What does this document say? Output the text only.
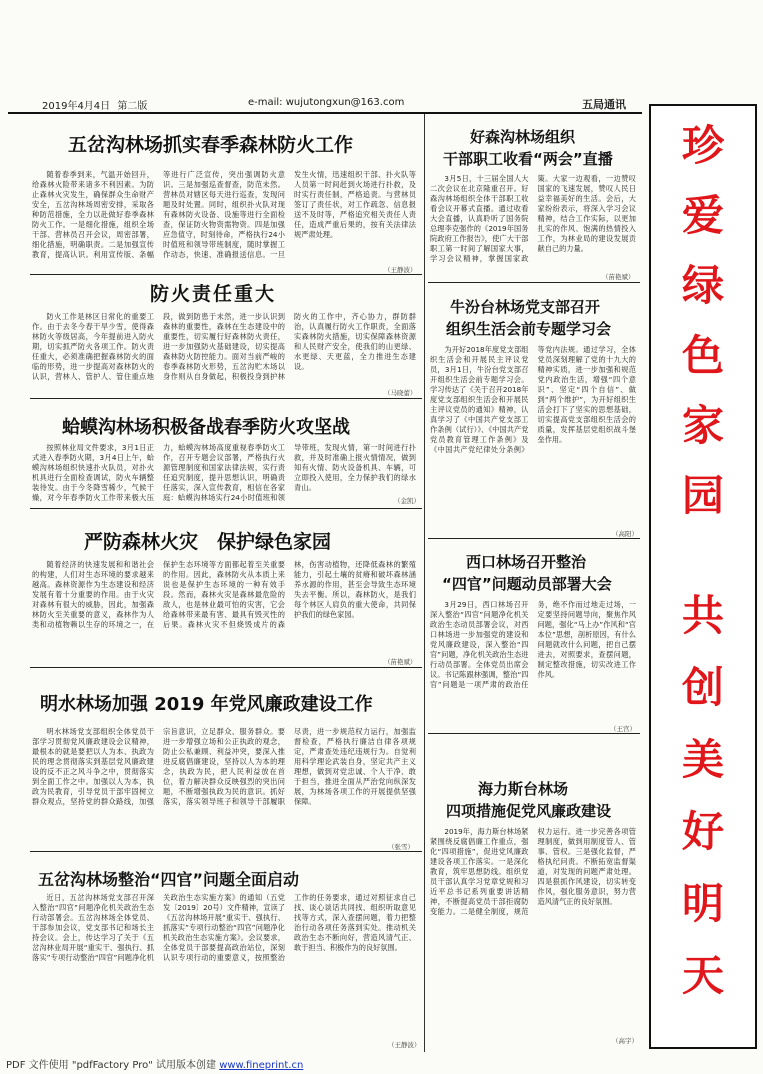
2019年4月4日 第二版	e-mail: wujutongxun@163.com	五局通讯
五岔沟林场抓实春季森林防火工作

随着春季到来，气温开始回升，给森林火险带来诸多不利因素。为防止森林火灾发生，确保群众生命财产安全，五岔沟林场周密安排，采取各种防范措施，全力以赴做好春季森林防火工作。一是细化措施，组织全场干部、营林员召开会议，周密部署，细化措施，明确职责。二是加强宣传教育，提高认识。利用宣传版、条幅等进行广泛宣传，突出强调防火意识。三是加强巡查督查，防范未然。营林员对辖区每天进行巡查，发现问题及时处置。同时，组织扑火队对现有森林防火设备、设施等进行全面检查，保证防火物资需物资。四是加强应急值守，时刻待命，严格执行24小时值班和领导带班制度，随时掌握工作动态，快速、准确报送信息。一旦发生火情，迅速组织干部、扑火队等人员第一时间赶到火场进行扑救，及时实行责任制，严格追责。与营林员签订了责任状，对工作疏忽、信息报送不及时等，严格追究相关责任人责任，造成严重后果的，按有关法律法规严肃处理。

（王静波）
防火责任重大

防火工作是林区日常化的重要工作。由于去冬今春干旱少雪，使得森林防火等级居高，今年提前进入防火期，切实抓严防火各项工作。防火责任重大，必须准确把握森林防火的面临的形势，进一步提高对森林防火的认识，营林人、管护人、管住重点地段，做到防患于未然，进一步认识到森林的重要性，森林在生态建设中的重要性，切实履行好森林防火责任，进一步加强防火基础建设，切实提高森林防火防控能力。面对当前严峻的春季森林防火形势，五岔沟贮木场以身作则从自身做起，积极投身到护林防火的工作中，齐心协力，群防群治，认真履行防火工作职责，全面落实森林防火措施，切实保障森林资源和人民财产安全，使我们的山更绿、水更绿、天更蓝，全力推进生态建设。

（马晓蕾）
蛤蟆沟林场积极备战春季防火攻坚战

按照林业局文件要求，3月1日正式进入春季防火期，3月4日上午，蛤蟆沟林场组织快速扑火队员，对扑火机具进行全面检查调试，防火车辆整装待发。由于今冬降雪稀少，气候干燥，对今年春季防火工作带来极大压力，蛤蟆沟林场高度重视春季防火工作，召开专题会议部署，严格执行火源管理制度和国家法律法规，实行责任追究制度，提升思想认识，明确责任落实，深入宣传教育，相信在各家庭：蛤蟆沟林场实行24小时值班和领导带班，发现火情，第一时间进行扑救，并及时准确上报火情情况，做到知有火情、防火设备机具、车辆，可立即投入使用，全力保护我们的绿水青山。

（金凯）
严防森林火灾　保护绿色家园

随着经济的快速发展和和谐社会的构建，人们对生态环境的要求越来越高。森林资源作为生态建设和经济发展有着十分重要的作用。由于火灾对森林有很大的威胁，因此，加强森林防火至关重要的意义，森林作为人类和动植物赖以生存的环境之一，在保护生态环境等方面都起着至关重要的作用。因此，森林防火从本质上来说也是保护生态环境的一种有效手段。然而，森林火灾是森林最危险的敌人，也是林业最可怕的灾害，它会给森林带来最有害、最具有毁灭性的后果。森林火灾不但烧毁成片的森林，伤害动植物，还降低森林的繁殖能力，引起土壤的贫瘠和破坏森林涵养水源的作用，甚至会导致生态环境失去平衡。所以，森林防火，是我们每个林区人肩负的重大使命，共同保护我们的绿色家园。

（苗艳斌）
明水林场加强 2019 年党风廉政建设工作

明水林场党支部组织全体党员干部学习贯彻党风廉政建设会议精神，最根本的就是要把以人为本、执政为民的理念贯彻落实到基层党风廉政建设的反不正之风斗争之中，贯彻落实到全面工作之中。加强以人为本，执政为民教育，引导党员干部牢固树立群众观点，坚持党的群众路线，加强宗旨意识，立足群众、服务群众。要进一步增强立场和公正执政的观念，防止公私兼顾、利益冲突，要深入推进反腐倡廉建设，坚持以人为本的理念，执政为民，把人民利益放在首位，着力解决群众反映强烈的突出问题，不断增强执政为民的意识。抓好落实，落实领导班子和领导干部履职尽责，进一步规范权力运行，加强监督检查，严格执行廉洁自律各项规定，严肃查处违纪违规行为。自觉利用科学理论武装自身，坚定共产主义理想，做到对党忠诚、个人干净、敢于担当，推进全面从严治党向纵深发展，为林场各项工作的开展提供坚强保障。

（张雪）
五岔沟林场整治“四官”问题全面启动

近日，五岔沟林场党支部召开深入整治“四官”问题净化机关政治生态行动部署会。五岔沟林场全体党员、干部参加会议，党支部书记和场长主持会议。会上，传达学习了关于《五岔沟林业局开展“重实干、强执行、抓落实”专项行动整治“四官”问题净化机关政治生态实施方案》的通知（五党发〔2019〕20号）文件精神，宣读了《五岔沟林场开展“重实干、强执行、抓落实”专项行动整治“四官”问题净化机关政治生态实施方案》。会议要求，全体党员干部要提高政治站位，深刻认识专项行动的重要意义，按照整治工作的任务要求，通过对照征求自己找、谈心谈话共同找、组织听取意见找等方式，深入查摆问题，着力把整治行动各项任务落到实处。推动机关政治生态不断向好，营造风清气正、敢于担当、积极作为的良好氛围。

（王静波）
好森沟林场组织
干部职工收看“两会”直播

3月5日，十三届全国人大二次会议在北京隆重召开。好森沟林场组织全体干部职工收看会议开幕式直播。通过收看大会直播，认真聆听了国务院总理李克强作的《2019年国务院政府工作报告》，使广大干部职工第一时间了解国家大事，学习会议精神，掌握国家政策。大家一边观看，一边赞叹国家的飞速发展，赞叹人民日益幸福美好的生活。会后，大家纷纷表示，将深入学习会议精神，结合工作实际，以更加扎实的作风、饱满的热情投入工作，为林业局的建设发展贡献自己的力量。

（苗艳斌）
牛汾台林场党支部召开
组织生活会前专题学习会

为开好2018年度党支部组织生活会和开展民主评议党员，3月1日，牛汾台党支部召开组织生活会前专题学习会。学习传达了《关于召开2018年度党支部组织生活会和开展民主评议党员的通知》精神，认真学习了《中国共产党支部工作条例（试行）》、《中国共产党党员教育管理工作条例》及《中国共产党纪律处分条例》等党内法规。通过学习，全体党员深刻理解了党的十九大的精神实质，进一步加强和规范党内政治生活，增强“四个意识”、坚定“四个自信”、做到“两个维护”，为开好组织生活会打下了坚实的思想基础，切实提高党支部组织生活会的质量，发挥基层党组织战斗堡垒作用。

（高阳）
西口林场召开整治
“四官”问题动员部署大会

3月29日，西口林场召开深入整治“四官”问题净化机关政治生态动员部署会议，对西口林场进一步加强党的建设和党风廉政建设，深入整治“四官”问题，净化机关政治生态进行动员部署。全体党员出席会议。书记陈跟林强调，整治“四官”问题是一项严肃的政治任务，绝不作而过地走过场，一定要坚持问题导向，聚焦作风问题，强化“马上办”作风和“官本位”思想，剖析原因，有什么问题就改什么问题，把自己摆进去，对照要求，查摆问题，制定整改措施，切实改进工作作风。

（王宫）
海力斯台林场
四项措施促党风廉政建设

2019年，海力斯台林场紧紧围绕反腐倡廉工作重点，强化“四项措施”，促进党风廉政建设各项工作落实。一是深化教育，筑牢思想防线。组织党员干部认真学习党章党规和习近平总书记系列重要讲话精神，不断提高党员干部拒腐防变能力。二是健全制度，规范权力运行。进一步完善各项管理制度，做到用制度管人、管事、管权。三是强化监督，严格执纪问责。不断拓宽监督渠道，对发现的问题严肃处理。四是狠抓作风建设，切实转变作风，强化服务意识，努力营造风清气正的良好氛围。

（高宇）
珍
爱
绿
色
家
园
共
创
美
好
明
天
PDF 文件使用 "pdfFactory Pro" 试用版本创建 www.fineprint.cn
